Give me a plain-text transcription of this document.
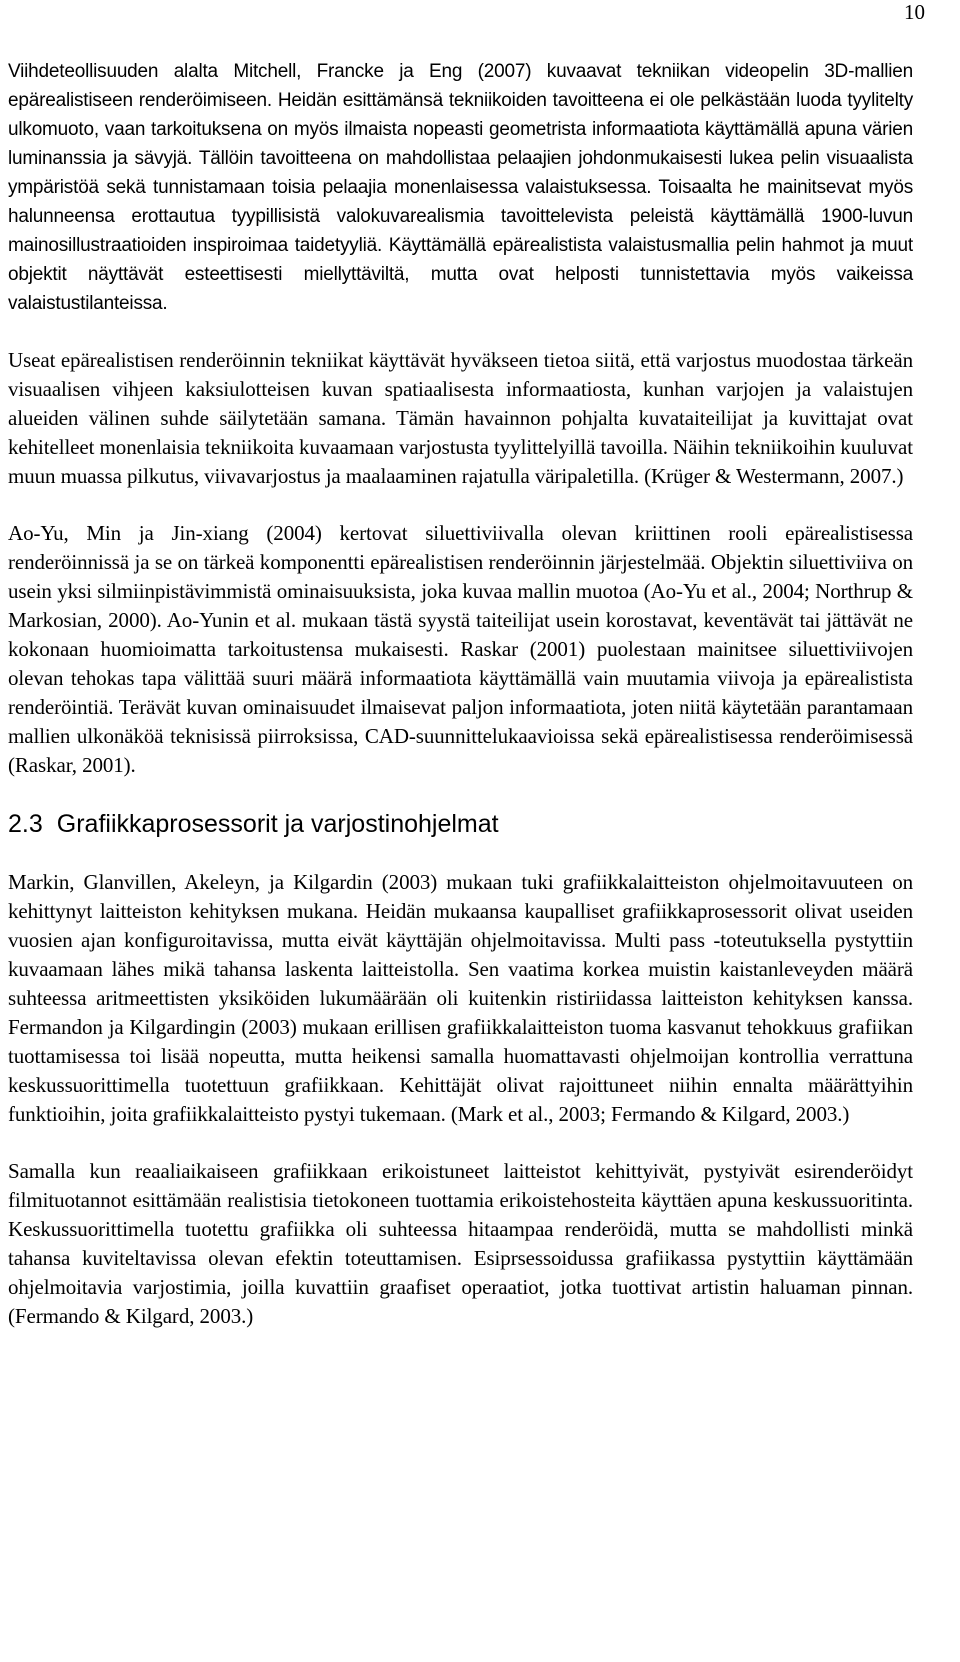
10

Viihdeteollisuuden alalta Mitchell, Francke ja Eng (2007) kuvaavat tekniikan videopelin 3D-mallien epärealistiseen renderöimiseen. Heidän esittämänsä tekniikoiden tavoitteena ei ole pelkästään luoda tyylitelty ulkomuoto, vaan tarkoituksena on myös ilmaista nopeasti geometrista informaatiota käyttämällä apuna värien luminanssia ja sävyjä. Tällöin tavoitteena on mahdollistaa pelaajien johdonmukaisesti lukea pelin visuaalista ympäristöä sekä tunnistamaan toisia pelaajia monenlaisessa valaistuksessa. Toisaalta he mainitsevat myös halunneensa erottautua tyypillisistä valokuvarealismia tavoittelevista peleistä käyttämällä 1900-luvun mainosillustraatioiden inspiroimaa taidetyyliä. Käyttämällä epärealistista valaistusmallia pelin hahmot ja muut objektit näyttävät esteettisesti miellyttäviltä, mutta ovat helposti tunnistettavia myös vaikeissa valaistustilanteissa.

Useat epärealistisen renderöinnin tekniikat käyttävät hyväkseen tietoa siitä, että varjostus muodostaa tärkeän visuaalisen vihjeen kaksiulotteisen kuvan spatiaalisesta informaatiosta, kunhan varjojen ja valaistujen alueiden välinen suhde säilytetään samana. Tämän havainnon pohjalta kuvataiteilijat ja kuvittajat ovat kehitelleet monenlaisia tekniikoita kuvaamaan varjostusta tyylittelyillä tavoilla. Näihin tekniikoihin kuuluvat muun muassa pilkutus, viivavarjostus ja maalaaminen rajatulla väripaletilla. (Krüger & Westermann, 2007.)

Ao-Yu, Min ja Jin-xiang (2004) kertovat siluettiviivalla olevan kriittinen rooli epärealistisessa renderöinnissä ja se on tärkeä komponentti epärealistisen renderöinnin järjestelmää. Objektin siluettiviiva on usein yksi silmiinpistävimmistä ominaisuuksista, joka kuvaa mallin muotoa (Ao-Yu et al., 2004; Northrup & Markosian, 2000). Ao-Yunin et al. mukaan tästä syystä taiteilijat usein korostavat, keventävät tai jättävät ne kokonaan huomioimatta tarkoitustensa mukaisesti. Raskar (2001) puolestaan mainitsee siluettiviivojen olevan tehokas tapa välittää suuri määrä informaatiota käyttämällä vain muutamia viivoja ja epärealistista renderöintiä. Terävät kuvan ominaisuudet ilmaisevat paljon informaatiota, joten niitä käytetään parantamaan mallien ulkonäköä teknisissä piirroksissa, CAD-suunnittelukaavioissa sekä epärealistisessa renderöimisessä (Raskar, 2001).

2.3 Grafiikkaprosessorit ja varjostinohjelmat

Markin, Glanvillen, Akeleyn, ja Kilgardin (2003) mukaan tuki grafiikkalaitteiston ohjelmoitavuuteen on kehittynyt laitteiston kehityksen mukana. Heidän mukaansa kaupalliset grafiikkaprosessorit olivat useiden vuosien ajan konfiguroitavissa, mutta eivät käyttäjän ohjelmoitavissa. Multi pass -toteutuksella pystyttiin kuvaamaan lähes mikä tahansa laskenta laitteistolla. Sen vaatima korkea muistin kaistanleveyden määrä suhteessa aritmeettisten yksiköiden lukumäärään oli kuitenkin ristiriidassa laitteiston kehityksen kanssa. Fermandon ja Kilgardingin (2003) mukaan erillisen grafiikkalaitteiston tuoma kasvanut tehokkuus grafiikan tuottamisessa toi lisää nopeutta, mutta heikensi samalla huomattavasti ohjelmoijan kontrollia verrattuna keskussuorittimella tuotettuun grafiikkaan. Kehittäjät olivat rajoittuneet niihin ennalta määrättyihin funktioihin, joita grafiikkalaitteisto pystyi tukemaan. (Mark et al., 2003; Fermando & Kilgard, 2003.)

Samalla kun reaaliaikaiseen grafiikkaan erikoistuneet laitteistot kehittyivät, pystyivät esirenderöidyt filmituotannot esittämään realistisia tietokoneen tuottamia erikoistehosteita käyttäen apuna keskussuoritinta. Keskussuorittimella tuotettu grafiikka oli suhteessa hitaampaa renderöidä, mutta se mahdollisti minkä tahansa kuviteltavissa olevan efektin toteuttamisen. Esiprsessoidussa grafiikassa pystyttiin käyttämään ohjelmoitavia varjostimia, joilla kuvattiin graafiset operaatiot, jotka tuottivat artistin haluaman pinnan. (Fermando & Kilgard, 2003.)
